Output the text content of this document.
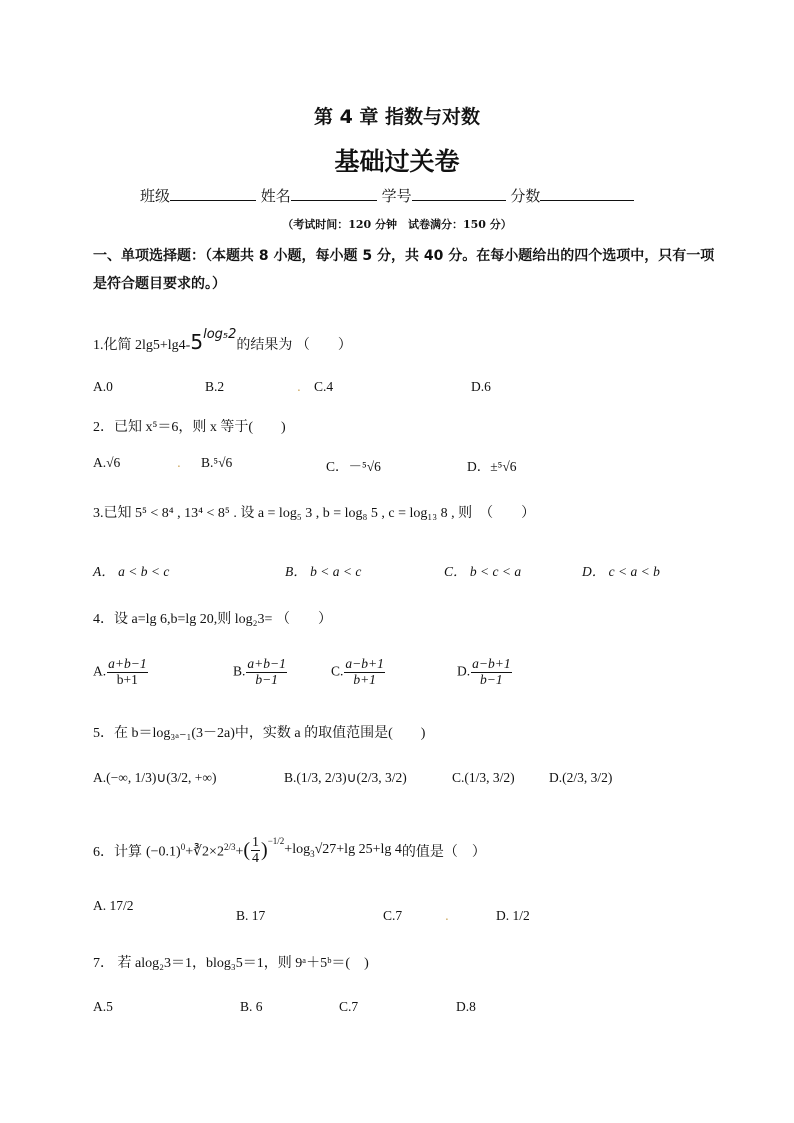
第 4 章 指数与对数
基础过关卷
班级	姓名	学号	分数
（考试时间：120 分钟　试卷满分：150 分）
一、单项选择题：（本题共 8 小题，每小题 5 分，共 40 分。在每小题给出的四个选项中，只有一项
是符合题目要求的。）
1.化简 $2\lg 5+\lg 4-5^{log_52}$的结果为 （　　）
A.0	B.2	. C.4	D.6
2．已知 x⁵＝6，则 x 等于(　　)
A.√6	. B.⁵√6	C．－⁵√6	D．±⁵√6
3.已知 5⁵ < 8⁴ , 13⁴ < 8⁵ . 设 a = log₅ 3 , b = log₈ 5 , c = log₁₃ 8 , 则　（　　）
A． a < b < c	B． b < a < c	C． b < c < a	D． c < a < b
4．设 a=lg 6,b=lg 20,则 log₂3= （　　）
A. $\frac{a+b-1}{b+1}$	B. $\frac{a+b-1}{b-1}$	C. $\frac{a-b+1}{b+1}$	D. $\frac{a-b+1}{b-1}$
5．在 b＝log₃ₐ₋₁(3－2a)中，实数 a 的取值范围是(　　)
A.(−∞, 1/3)∪(3/2, +∞)	B.(1/3, 2/3)∪(2/3, 3/2)	C.(1/3, 3/2)	D.(2/3, 3/2)
6．计算 $(-0.1)^0+∛2\times 2^{2/3}+$ ( $\frac{1}{4} )^{-1/2}$
$+\log_3√27+\lg$ 25+lg 4 的值是（　）
A. 17/2
B. 17	C.7	.	D. 1/2
7． 若 alog₂3＝1，blog₃5＝1，则 9ᵃ＋5ᵇ＝(　)
A.5	B. 6	C.7	D.8
